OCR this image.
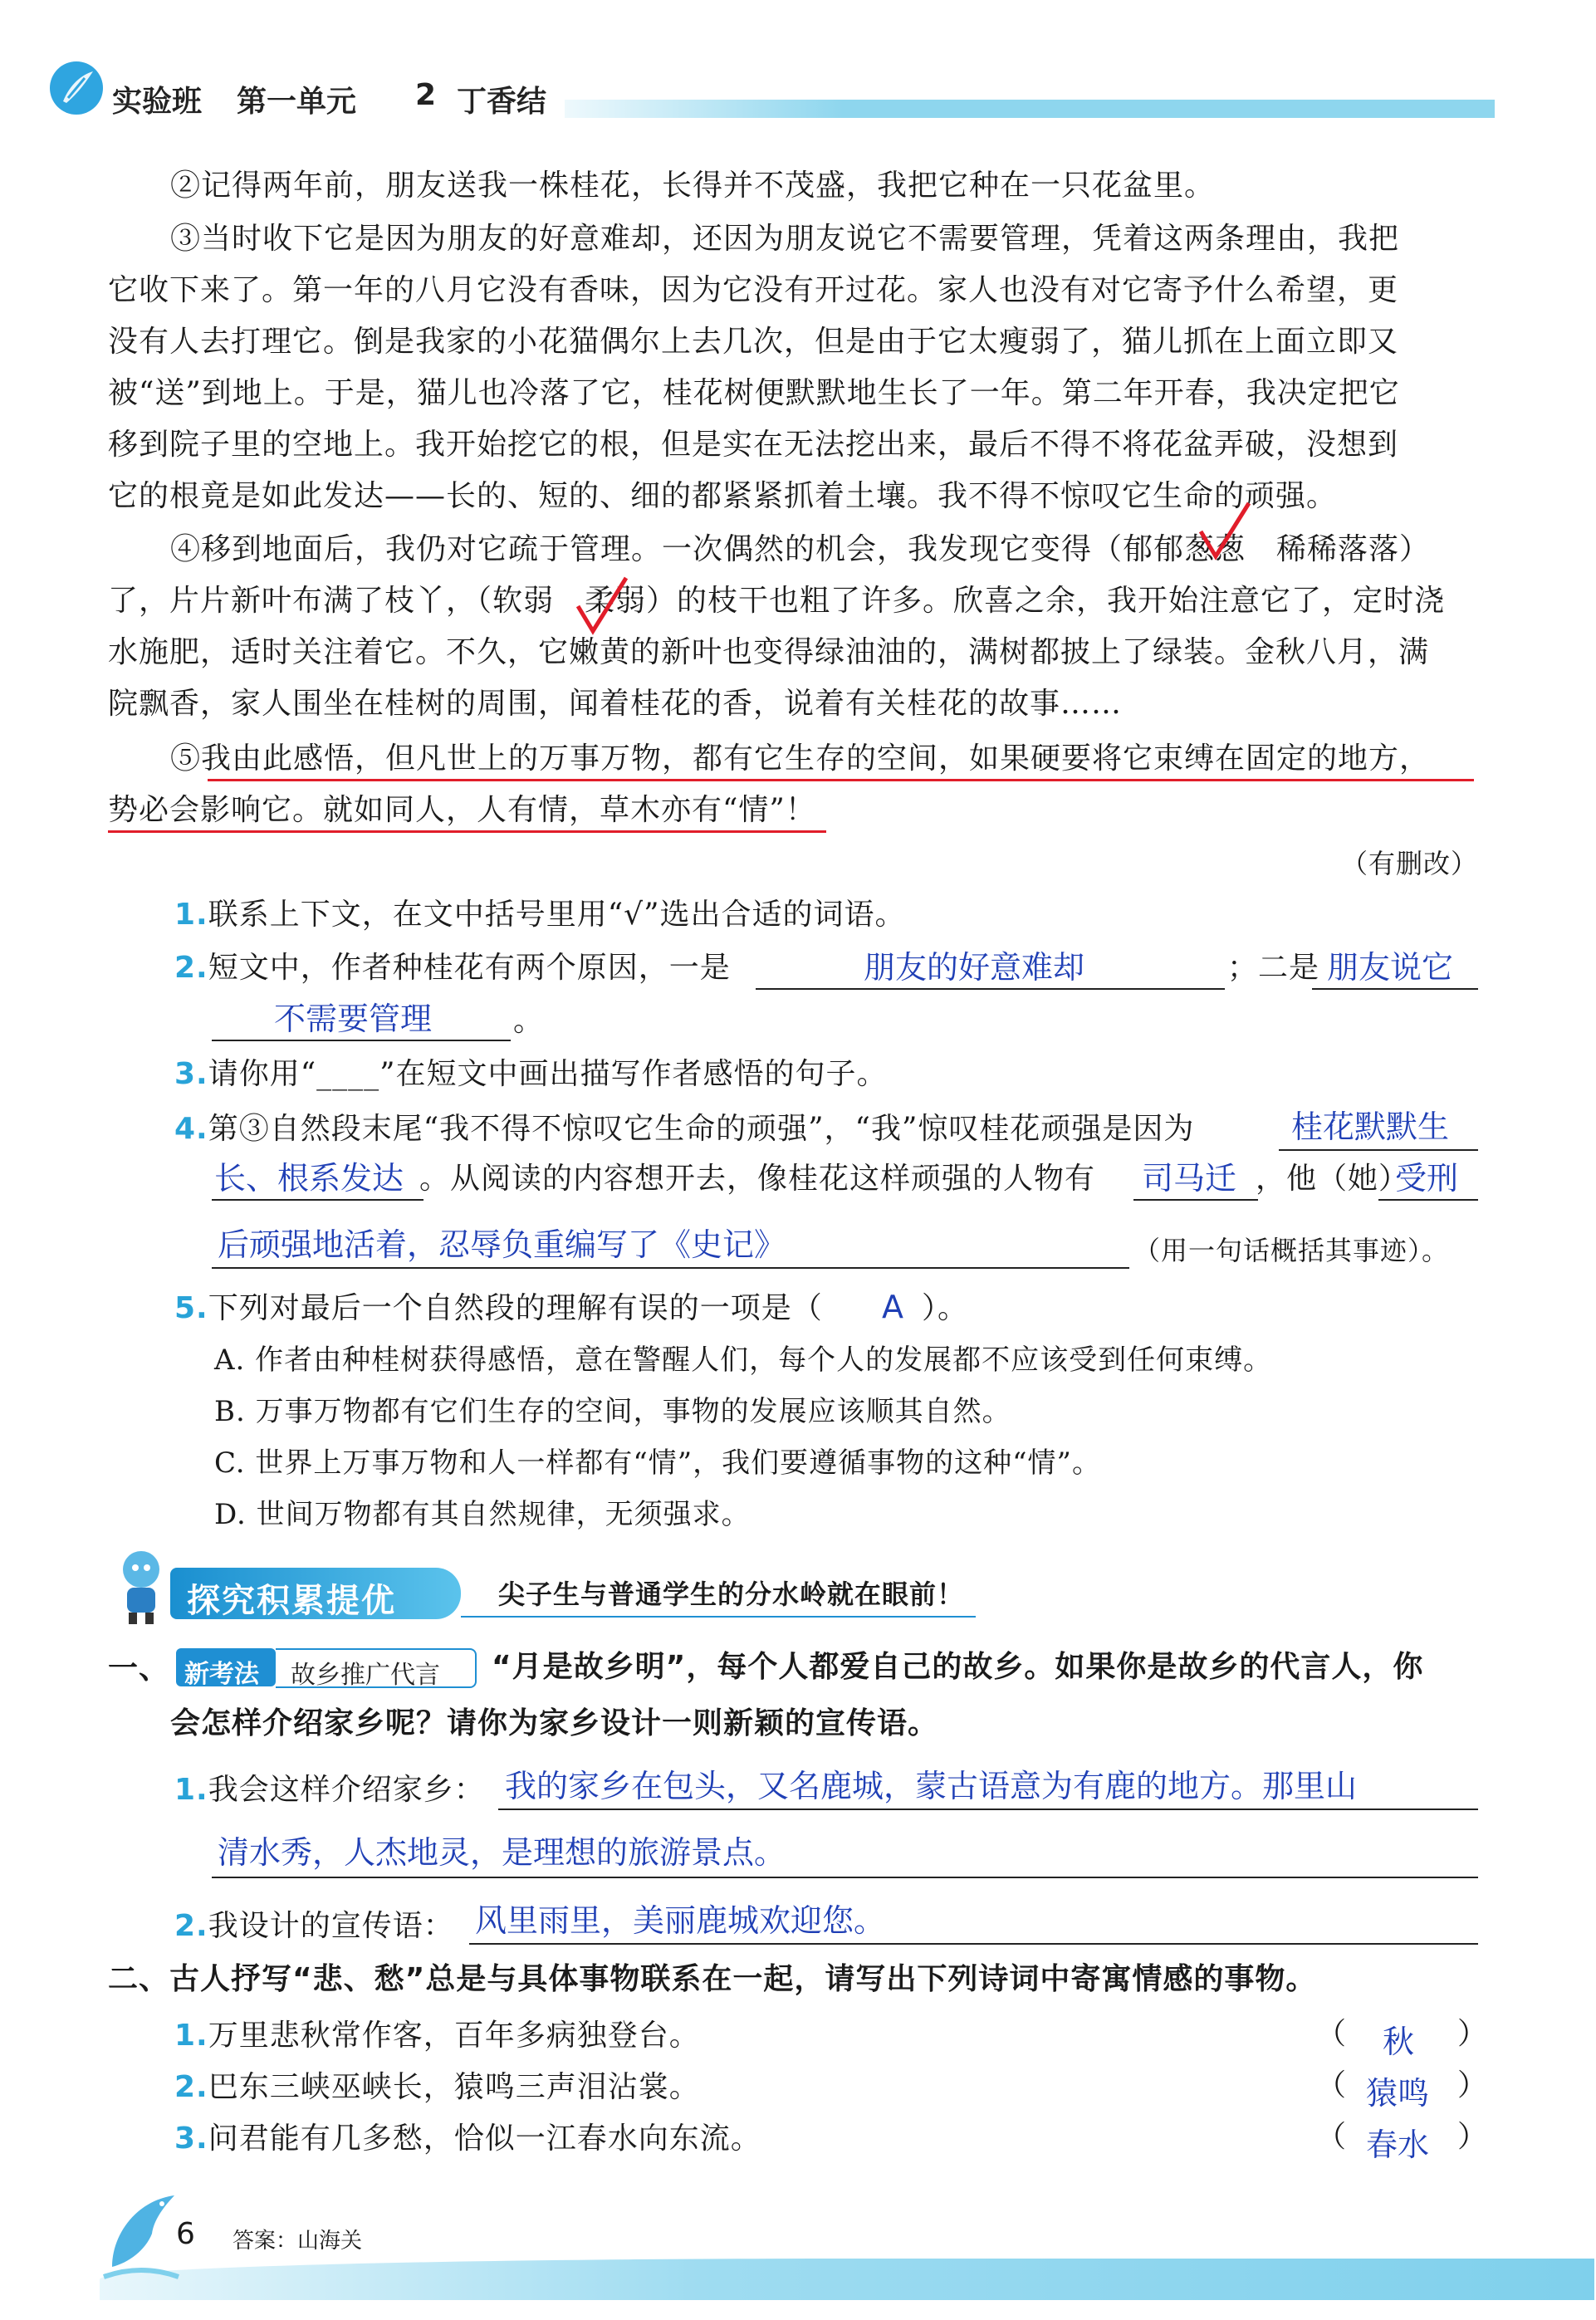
实验班 第一单元 2 丁香结
②记得两年前，朋友送我一株桂花，长得并不茂盛，我把它种在一只花盆里。
③当时收下它是因为朋友的好意难却，还因为朋友说它不需要管理，凭着这两条理由，我把
它收下来了。第一年的八月它没有香味，因为它没有开过花。家人也没有对它寄予什么希望，更
没有人去打理它。倒是我家的小花猫偶尔上去几次，但是由于它太瘦弱了，猫儿抓在上面立即又
被“送”到地上。于是，猫儿也冷落了它，桂花树便默默地生长了一年。第二年开春，我决定把它
移到院子里的空地上。我开始挖它的根，但是实在无法挖出来，最后不得不将花盆弄破，没想到
它的根竟是如此发达——长的、短的、细的都紧紧抓着土壤。我不得不惊叹它生命的顽强。
④移到地面后，我仍对它疏于管理。一次偶然的机会，我发现它变得（郁郁葱葱　稀稀落落）
了，片片新叶布满了枝丫，（软弱　柔弱）的枝干也粗了许多。欣喜之余，我开始注意它了，定时浇
水施肥，适时关注着它。不久，它嫩黄的新叶也变得绿油油的，满树都披上了绿装。金秋八月，满
院飘香，家人围坐在桂树的周围，闻着桂花的香，说着有关桂花的故事……
⑤我由此感悟，但凡世上的万事万物，都有它生存的空间，如果硬要将它束缚在固定的地方，
势必会影响它。就如同人，人有情，草木亦有“情”！
（有删改）
1.联系上下文，在文中括号里用“√”选出合适的词语。
2.短文中，作者种桂花有两个原因，一是	朋友的好意难却	；二是 朋友说它
不需要管理	。
3.请你用“____”在短文中画出描写作者感悟的句子。
4.第③自然段末尾“我不得不惊叹它生命的顽强”，“我”惊叹桂花顽强是因为	桂花默默生
长、根系发达 。从阅读的内容想开去，像桂花这样顽强的人物有 司马迁 ，他（她）
受刑
后顽强地活着，忍辱负重编写了《史记》	（用一句话概括其事迹）。
5.下列对最后一个自然段的理解有误的一项是（ A ）。
A. 作者由种桂树获得感悟，意在警醒人们，每个人的发展都不应该受到任何束缚。
B. 万事万物都有它们生存的空间，事物的发展应该顺其自然。
C. 世界上万事万物和人一样都有“情”，我们要遵循事物的这种“情”。
D. 世间万物都有其自然规律，无须强求。
探究积累提优	尖子生与普通学生的分水岭就在眼前！
一、 新考法 故乡推广代言 “月是故乡明”，每个人都爱自己的故乡。如果你是故乡的代言人，你
会怎样介绍家乡呢？请你为家乡设计一则新颖的宣传语。
1.我会这样介绍家乡： 我的家乡在包头，又名鹿城，蒙古语意为有鹿的地方。那里山
清水秀，人杰地灵，是理想的旅游景点。
2.我设计的宣传语： 风里雨里，美丽鹿城欢迎您。
二、古人抒写“悲、愁”总是与具体事物联系在一起，请写出下列诗词中寄寓情感的事物。
1.万里悲秋常作客，百年多病独登台。	（ 秋 ）
2.巴东三峡巫峡长，猿鸣三声泪沾裳。	（ 猿鸣 ）
3.问君能有几多愁，恰似一江春水向东流。	（ 春水 ）
6 答案：山海关
